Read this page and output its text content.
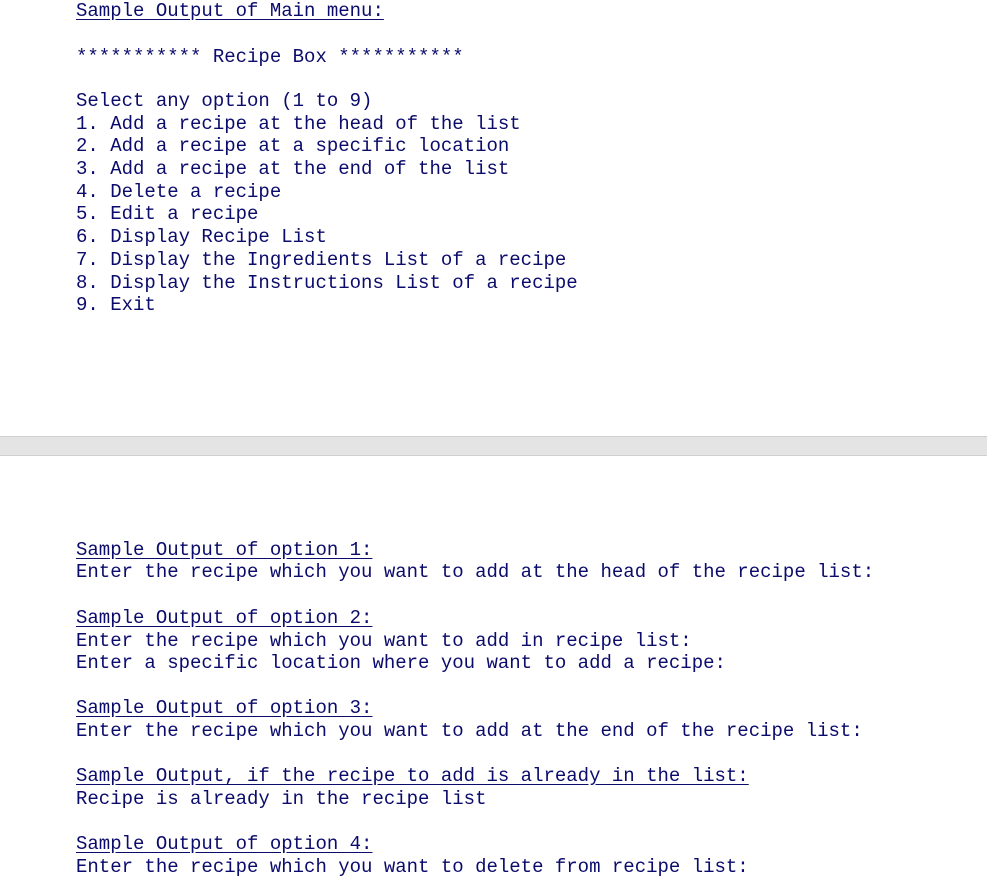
Sample Output of Main menu:
*********** Recipe Box ***********
Select any option (1 to 9)
1. Add a recipe at the head of the list
2. Add a recipe at a specific location
3. Add a recipe at the end of the list
4. Delete a recipe
5. Edit a recipe
6. Display Recipe List
7. Display the Ingredients List of a recipe
8. Display the Instructions List of a recipe
9. Exit
Sample Output of option 1:
Enter the recipe which you want to add at the head of the recipe list:
Sample Output of option 2:
Enter the recipe which you want to add in recipe list:
Enter a specific location where you want to add a recipe:
Sample Output of option 3:
Enter the recipe which you want to add at the end of the recipe list:
Sample Output, if the recipe to add is already in the list:
Recipe is already in the recipe list
Sample Output of option 4:
Enter the recipe which you want to delete from recipe list:
